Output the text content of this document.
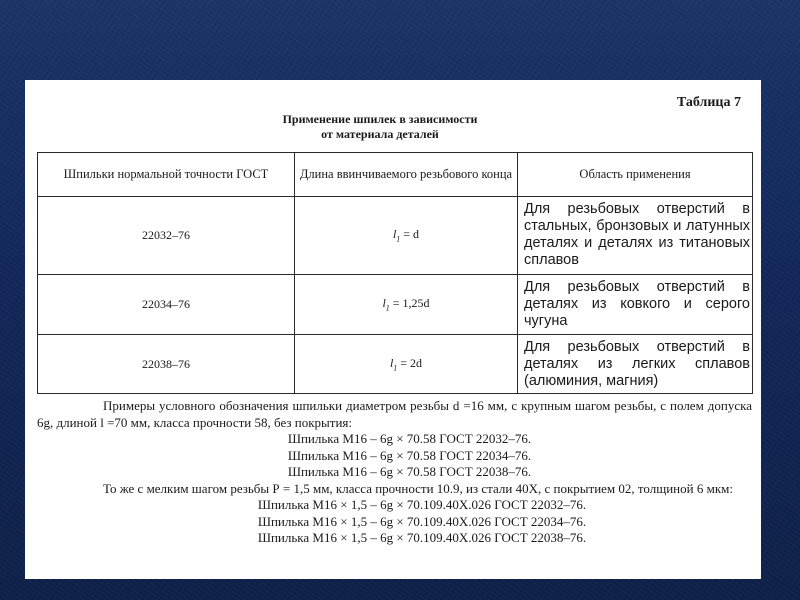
Таблица 7
Применение шпилек в зависимости
от материала деталей
Шпильки нормальной точности ГОСТ	Длина ввинчиваемого резьбового конца	Область применения
22032–76	$l_1 = d$	Для резьбовых отверстий в стальных, бронзовых и латунных деталях и деталях из титановых сплавов
22034–76	$l_1 = 1,25d$	Для резьбовых отверстий в деталях из ковкого и серого чугуна
22038–76	$l_1 = 2d$	Для резьбовых отверстий в деталях из легких сплавов (алюминия, магния)

Примеры условного обозначения шпильки диаметром резьбы d =16 мм, с крупным шагом резьбы, с полем допуска 6g, длиной l =70 мм, класса прочности 58, без покрытия:

Шпилька М16 – 6g × 70.58 ГОСТ 22032–76.

Шпилька М16 – 6g × 70.58 ГОСТ 22034–76.

Шпилька М16 – 6g × 70.58 ГОСТ 22038–76.

То же с мелким шагом резьбы Р = 1,5 мм, класса прочности 10.9, из стали 40Х, с покрытием 02, толщиной 6 мкм:

Шпилька М16 × 1,5 – 6g × 70.109.40Х.026 ГОСТ 22032–76.

Шпилька М16 × 1,5 – 6g × 70.109.40Х.026 ГОСТ 22034–76.

Шпилька М16 × 1,5 – 6g × 70.109.40Х.026 ГОСТ 22038–76.
